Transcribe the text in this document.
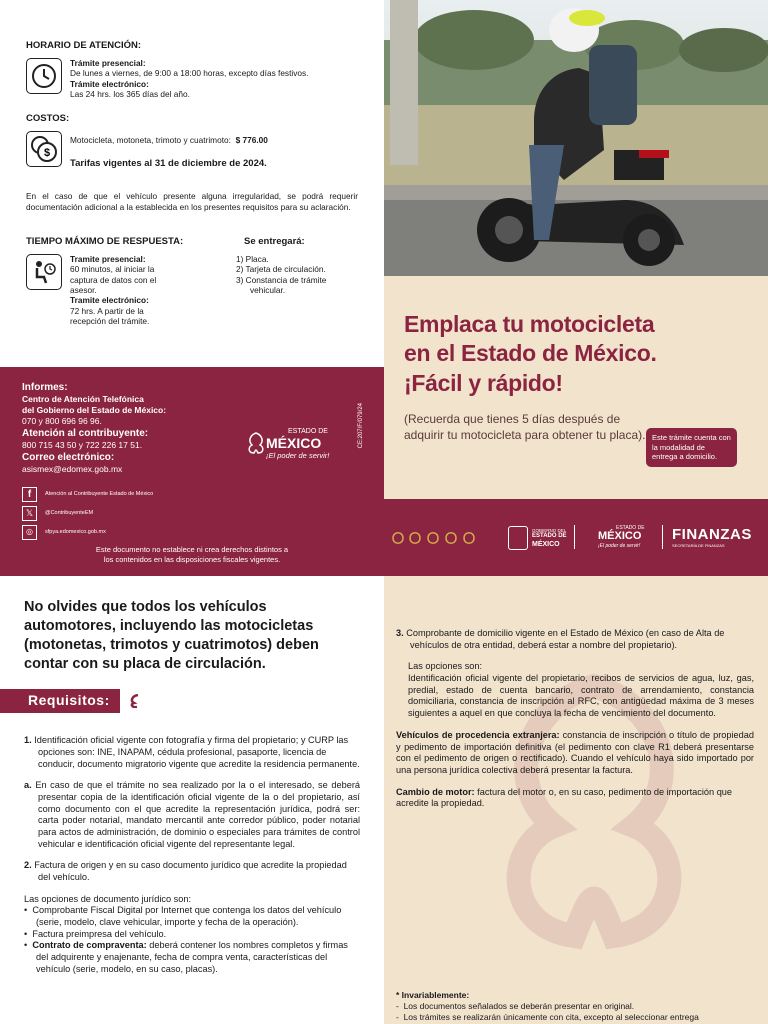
HORARIO DE ATENCIÓN:
Trámite presencial:
De lunes a viernes, de 9:00 a 18:00 horas, excepto días festivos.
Trámite electrónico:
Las 24 hrs. los 365 días del año.
COSTOS:
$
Motocicleta, motoneta, trimoto y cuatrimoto: $ 776.00
Tarifas vigentes al 31 de diciembre de 2024.
En el caso de que el vehículo presente alguna irregularidad, se podrá requerir documentación adicional a la establecida en los presentes requisitos para su aclaración.
TIEMPO MÁXIMO DE RESPUESTA:
Tramite presencial:
60 minutos, al iniciar la captura de datos con el asesor.
Tramite electrónico:
72 hrs. A partir de la recepción del trámite.
Se entregará:
1) Placa.
2) Tarjeta de circulación.
3) Constancia de trámite
vehicular.
Informes:
Centro de Atención Telefónica
del Gobierno del Estado de México:
070 y 800 696 96 96.
Atención al contribuyente:
800 715 43 50 y 722 226 17 51.
Correo electrónico:
asismex@edomex.gob.mx
ESTADO DE
MÉXICO
¡El poder de servir!
CE:207/F/079/24
f	Atención al Contribuyente Estado de México
𝕏	@ContribuyenteEM
◎	sfpya.edomexico.gob.mx
Este documento no establece ni crea derechos distintos a
los contenidos en las disposiciones fiscales vigentes.
Emplaca tu motocicleta
en el Estado de México.
¡Fácil y rápido!
(Recuerda que tienes 5 días después de adquirir tu motocicleta para obtener tu placa). Este trámite cuenta con la modalidad de entrega a domicilio.
GOBIERNO DEL
ESTADO DE
MÉXICO
ESTADO DE
MÉXICO
¡El poder de servir!
FINANZAS
SECRETARÍA DE FINANZAS
No olvides que todos los vehículos automotores, incluyendo las motocicletas (motonetas, trimotos y cuatrimotos) deben contar con su placa de circulación.
Requisitos:

1. Identificación oficial vigente con fotografía y firma del propietario; y CURP las opciones son: INE, INAPAM, cédula profesional, pasaporte, licencia de conducir, documento migratorio vigente que acredite la residencia permanente.

a. En caso de que el trámite no sea realizado por la o el interesado, se deberá presentar copia de la identificación oficial vigente de la o del propietario, así como documento con el que acredite la representación jurídica, podrá ser: carta poder notarial, mandato mercantil ante corredor público, poder notarial para actos de administración, de dominio o especiales para trámites de control vehicular e identificación oficial vigente del representante legal.

2. Factura de origen y en su caso documento jurídico que acredite la propiedad del vehículo.

Las opciones de documento jurídico son:
•  Comprobante Fiscal Digital por Internet que contenga los datos del vehículo (serie, modelo, clave vehicular, importe y fecha de la operación).
•  Factura preimpresa del vehículo.
•  Contrato de compraventa: deberá contener los nombres completos y firmas del adquirente y enajenante, fecha de compra venta, características del vehículo (serie, modelo, en su caso, placas).

3. Comprobante de domicilio vigente en el Estado de México (en caso de Alta de vehículos de otra entidad, deberá estar a nombre del propietario).

Las opciones son:

Identificación oficial vigente del propietario, recibos de servicios de agua, luz, gas, predial, estado de cuenta bancario, contrato de arrendamiento, constancia domiciliaria, constancia de inscripción al RFC, con antigüedad máxima de 3 meses siguientes a aquel en que concluya la fecha de vencimiento del documento.

Vehículos de procedencia extranjera: constancia de inscripción o título de propiedad y pedimento de importación definitiva (el pedimento con clave R1 deberá presentarse con el pedimento de origen o rectificado). Cuando el vehículo haya sido importado por una persona jurídica colectiva deberá presentar la factura.

Cambio de motor: factura del motor o, en su caso, pedimento de importación que acredite la propiedad.

* Invariablemente:
-  Los documentos señalados se deberán presentar en original.
-  Los trámites se realizarán únicamente con cita, excepto al seleccionar entrega
